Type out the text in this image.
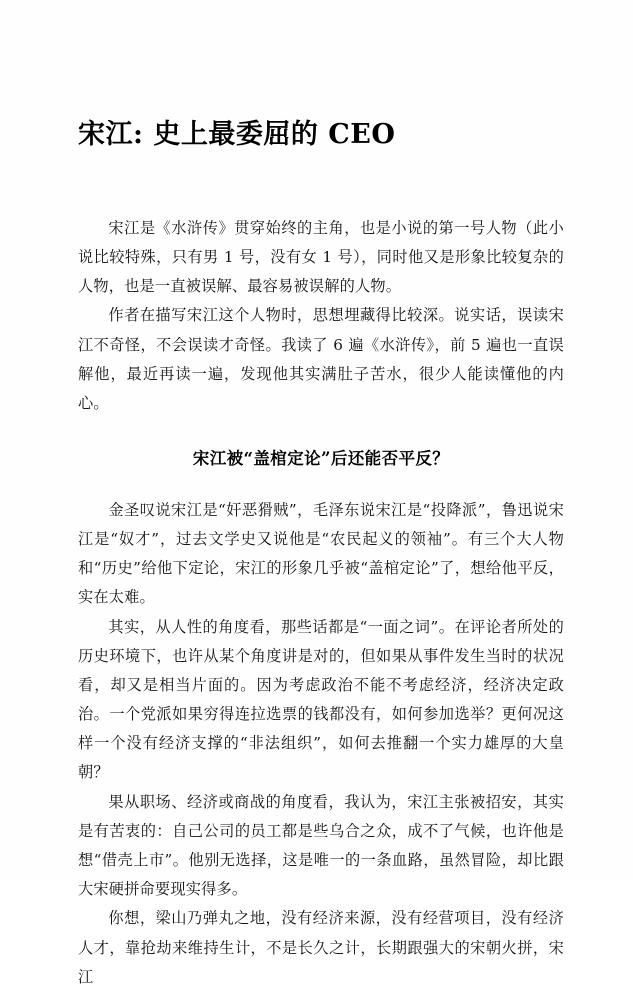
宋江: 史上最委屈的 CEO

宋江是《水浒传》贯穿始终的主角，也是小说的第一号人物（此小说比较特殊，只有男 1 号，没有女 1 号），同时他又是形象比较复杂的人物，也是一直被误解、最容易被误解的人物。

作者在描写宋江这个人物时，思想埋藏得比较深。说实话，误读宋江不奇怪，不会误读才奇怪。我读了 6 遍《水浒传》，前 5 遍也一直误解他，最近再读一遍，发现他其实满肚子苦水，很少人能读懂他的内心。

宋江被“盖棺定论”后还能否平反？

金圣叹说宋江是“奸恶猾贼”，毛泽东说宋江是“投降派”，鲁迅说宋江是“奴才”，过去文学史又说他是“农民起义的领袖”。有三个大人物和“历史”给他下定论，宋江的形象几乎被“盖棺定论”了，想给他平反，实在太难。

其实，从人性的角度看，那些话都是“一面之词”。在评论者所处的历史环境下，也许从某个角度讲是对的，但如果从事件发生当时的状况看，却又是相当片面的。因为考虑政治不能不考虑经济，经济决定政治。一个党派如果穷得连拉选票的钱都没有，如何参加选举？更何况这样一个没有经济支撑的“非法组织”，如何去推翻一个实力雄厚的大皇朝？

果从职场、经济或商战的角度看，我认为，宋江主张被招安，其实是有苦衷的：自己公司的员工都是些乌合之众，成不了气候，也许他是想“借壳上市”。他别无选择，这是唯一的一条血路，虽然冒险，却比跟大宋硬拼命要现实得多。

你想，梁山乃弹丸之地，没有经济来源，没有经营项目，没有经济人才，靠抢劫来维持生计，不是长久之计，长期跟强大的宋朝火拼，宋江
